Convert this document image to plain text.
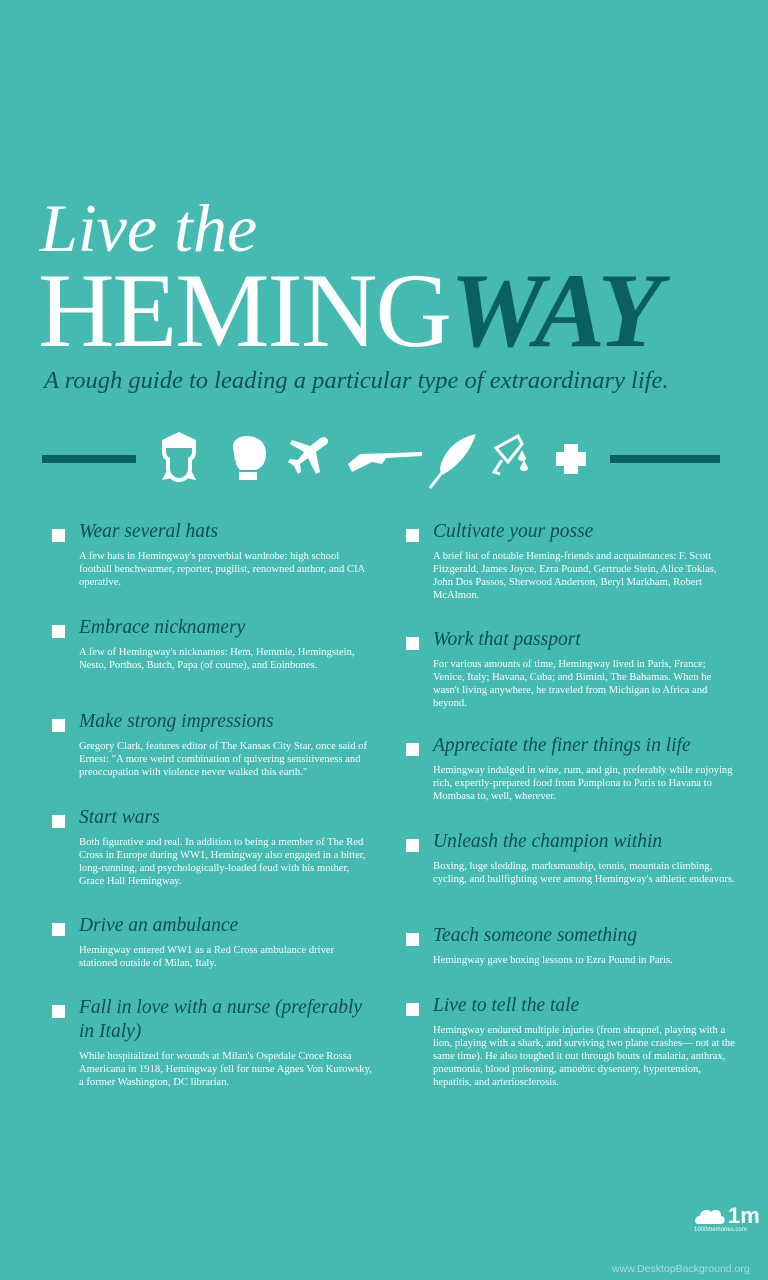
Live the
HEMINGWAY
A rough guide to leading a particular type of extraordinary life.
Wear several hats
A few hats in Hemingway's proverbial wardrobe: high school football benchwarmer, reporter, pugilist, renowned author, and CIA operative.
Embrace nicknamery
A few of Hemingway's nicknames: Hem, Hemmie, Hemingstein, Nesto, Porthos, Butch, Papa (of course), and Eoinbones.
Make strong impressions
Gregory Clark, features editor of The Kansas City Star, once said of Ernest: "A more weird combination of quivering sensitiveness and preoccupation with violence never walked this earth."
Start wars
Both figurative and real. In addition to being a member of The Red Cross in Europe during WW1, Hemingway also engaged in a bitter, long-running, and psychologically-loaded feud with his mother, Grace Hall Hemingway.
Drive an ambulance
Hemingway entered WW1 as a Red Cross ambulance driver stationed outside of Milan, Italy.
Fall in love with a nurse (preferably in Italy)
While hospitalized for wounds at Milan's Ospedale Croce Rossa Americana in 1918, Hemingway fell for nurse Agnes Von Kurowsky, a former Washington, DC librarian.
Cultivate your posse
A brief list of notable Heming-friends and acquaintances: F. Scott Fitzgerald, James Joyce, Ezra Pound, Gertrude Stein, Alice Toklas, John Dos Passos, Sherwood Anderson, Beryl Markham, Robert McAlmon.
Work that passport
For various amounts of time, Hemingway lived in Paris, France; Venice, Italy; Havana, Cuba; and Bimini, The Bahamas. When he wasn't living anywhere, he traveled from Michigan to Africa and beyond.
Appreciate the finer things in life
Hemingway indulged in wine, rum, and gin, preferably while enjoying rich, expertly-prepared food from Pamplona to Paris to Havana to Mombasa to, well, wherever.
Unleash the champion within
Boxing, luge sledding, marksmanship, tennis, mountain climbing, cycling, and bullfighting were among Hemingway's athletic endeavors.
Teach someone something
Hemingway gave boxing lessons to Ezra Pound in Paris.
Live to tell the tale
Hemingway endured multiple injuries (from shrapnel, playing with a lion, playing with a shark, and surviving two plane crashes— not at the same time). He also toughed it out through bouts of malaria, anthrax, pneumonia, blood poisoning, amoebic dysentery, hypertension, hepatitis, and arteriosclerosis.
1m
1000memories.com
www.DesktopBackground.org
